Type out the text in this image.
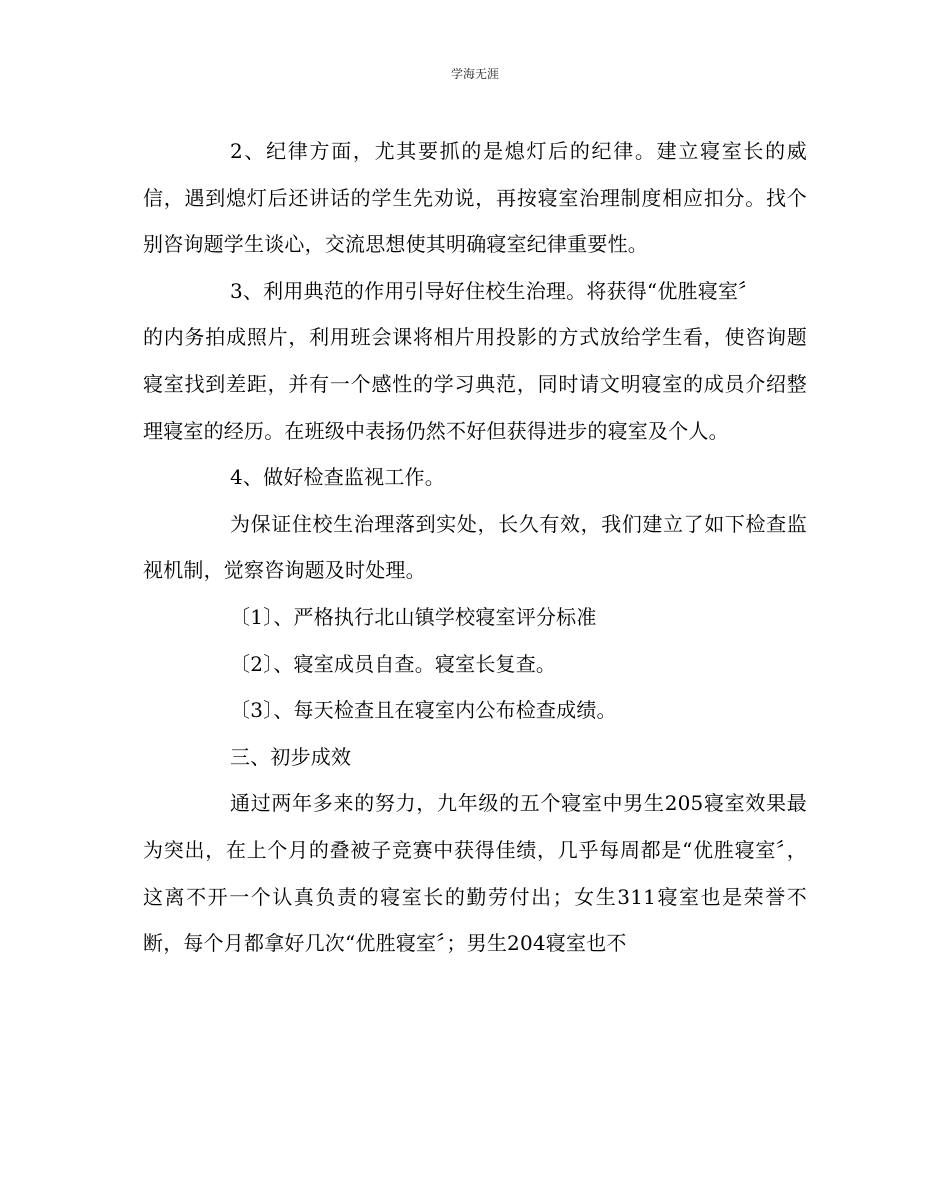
学海无涯

2、纪律方面，尤其要抓的是熄灯后的纪律。建立寝室长的威信，遇到熄灯后还讲话的学生先劝说，再按寝室治理制度相应扣分。找个别咨询题学生谈心，交流思想使其明确寝室纪律重要性。

3、利用典范的作用引导好住校生治理。将获得“优胜寝室〞

的内务拍成照片，利用班会课将相片用投影的方式放给学生看，使咨询题寝室找到差距，并有一个感性的学习典范，同时请文明寝室的成员介绍整理寝室的经历。在班级中表扬仍然不好但获得进步的寝室及个人。

4、做好检查监视工作。

为保证住校生治理落到实处，长久有效，我们建立了如下检查监视机制，觉察咨询题及时处理。

〔1〕、严格执行北山镇学校寝室评分标准

〔2〕、寝室成员自查。寝室长复查。

〔3〕、每天检查且在寝室内公布检查成绩。

三、初步成效

通过两年多来的努力，九年级的五个寝室中男生205寝室效果最为突出，在上个月的叠被子竞赛中获得佳绩，几乎每周都是“优胜寝室〞，这离不开一个认真负责的寝室长的勤劳付出；女生311寝室也是荣誉不断，每个月都拿好几次“优胜寝室〞；男生204寝室也不
